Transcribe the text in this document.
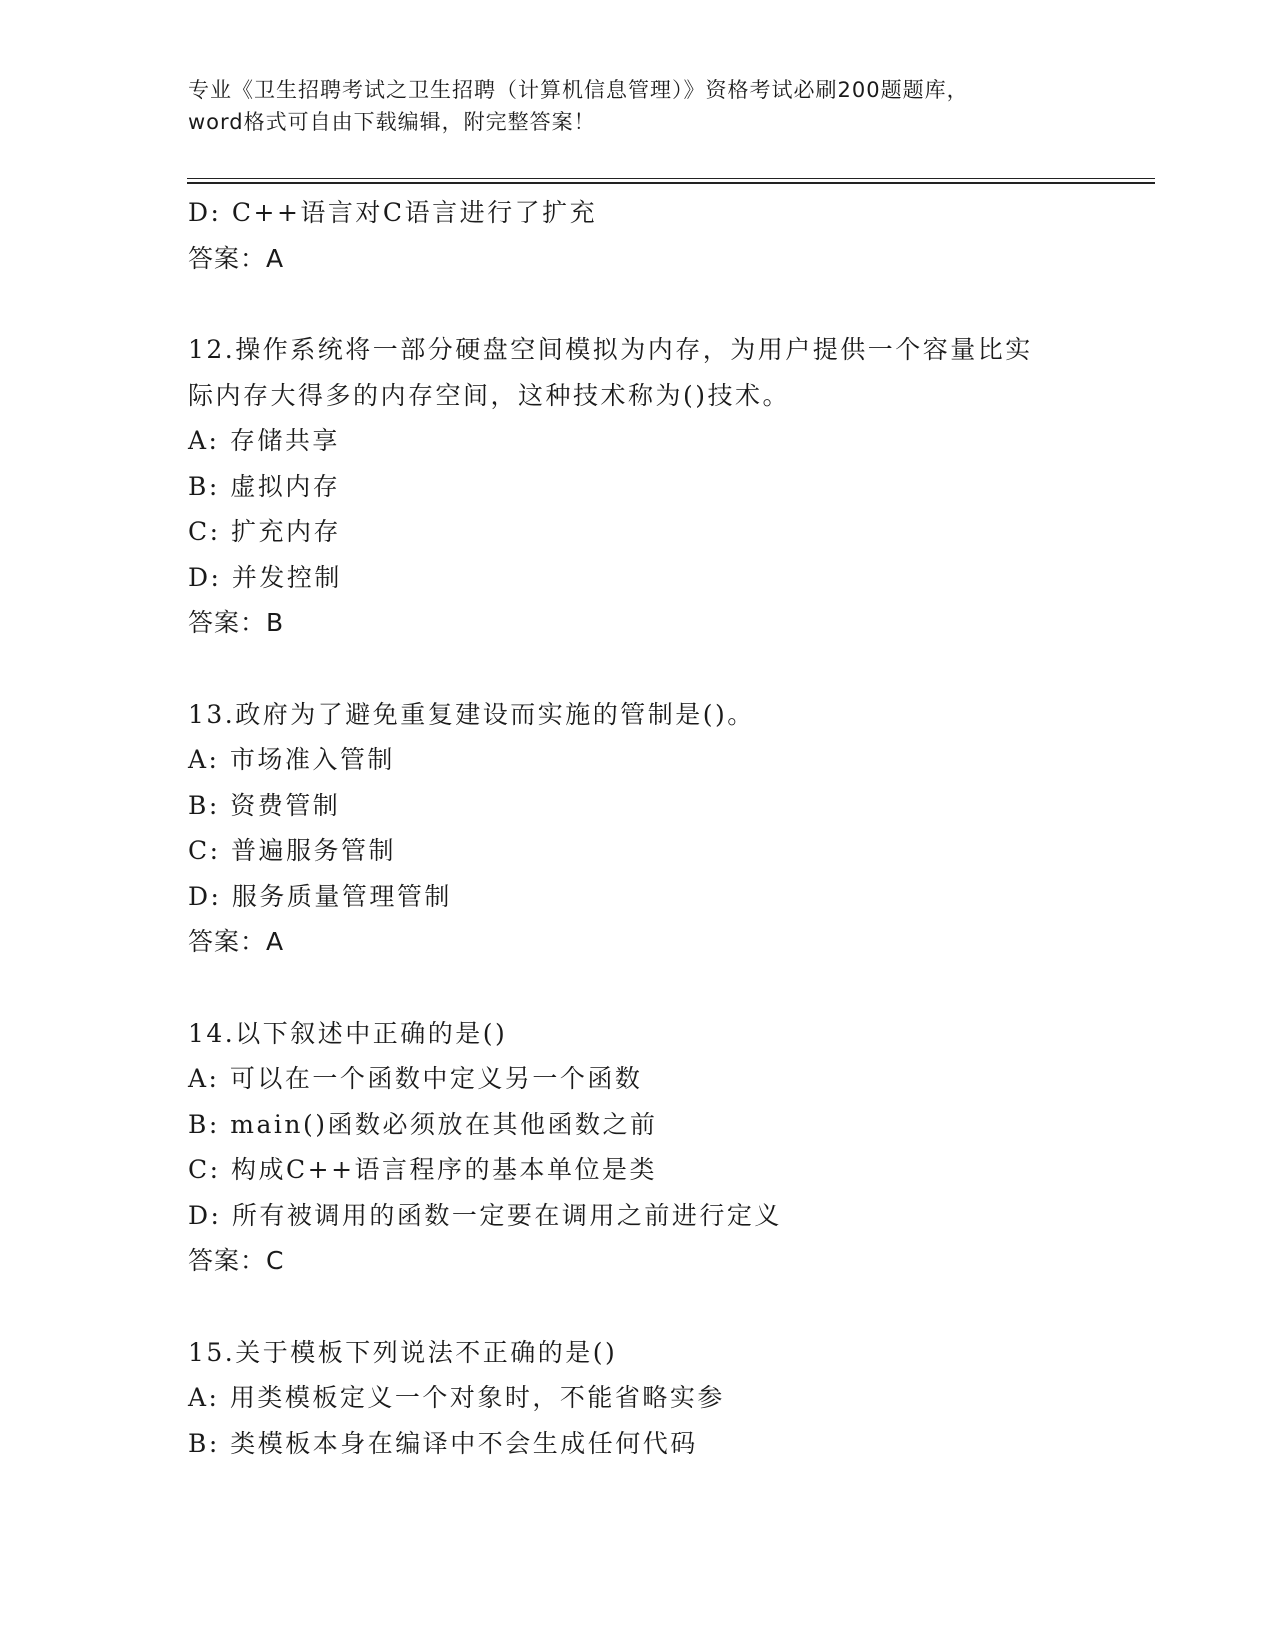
专业《卫生招聘考试之卫生招聘（计算机信息管理）》资格考试必刷200题题库，
word格式可自由下载编辑，附完整答案！
D: C++语言对C语言进行了扩充
答案：A
12.操作系统将一部分硬盘空间模拟为内存，为用户提供一个容量比实
际内存大得多的内存空间，这种技术称为()技术。
A: 存储共享
B: 虚拟内存
C: 扩充内存
D: 并发控制
答案：B
13.政府为了避免重复建设而实施的管制是()。
A: 市场准入管制
B: 资费管制
C: 普遍服务管制
D: 服务质量管理管制
答案：A
14.以下叙述中正确的是()
A: 可以在一个函数中定义另一个函数
B: main()函数必须放在其他函数之前
C: 构成C++语言程序的基本单位是类
D: 所有被调用的函数一定要在调用之前进行定义
答案：C
15.关于模板下列说法不正确的是()
A: 用类模板定义一个对象时，不能省略实参
B: 类模板本身在编译中不会生成任何代码
